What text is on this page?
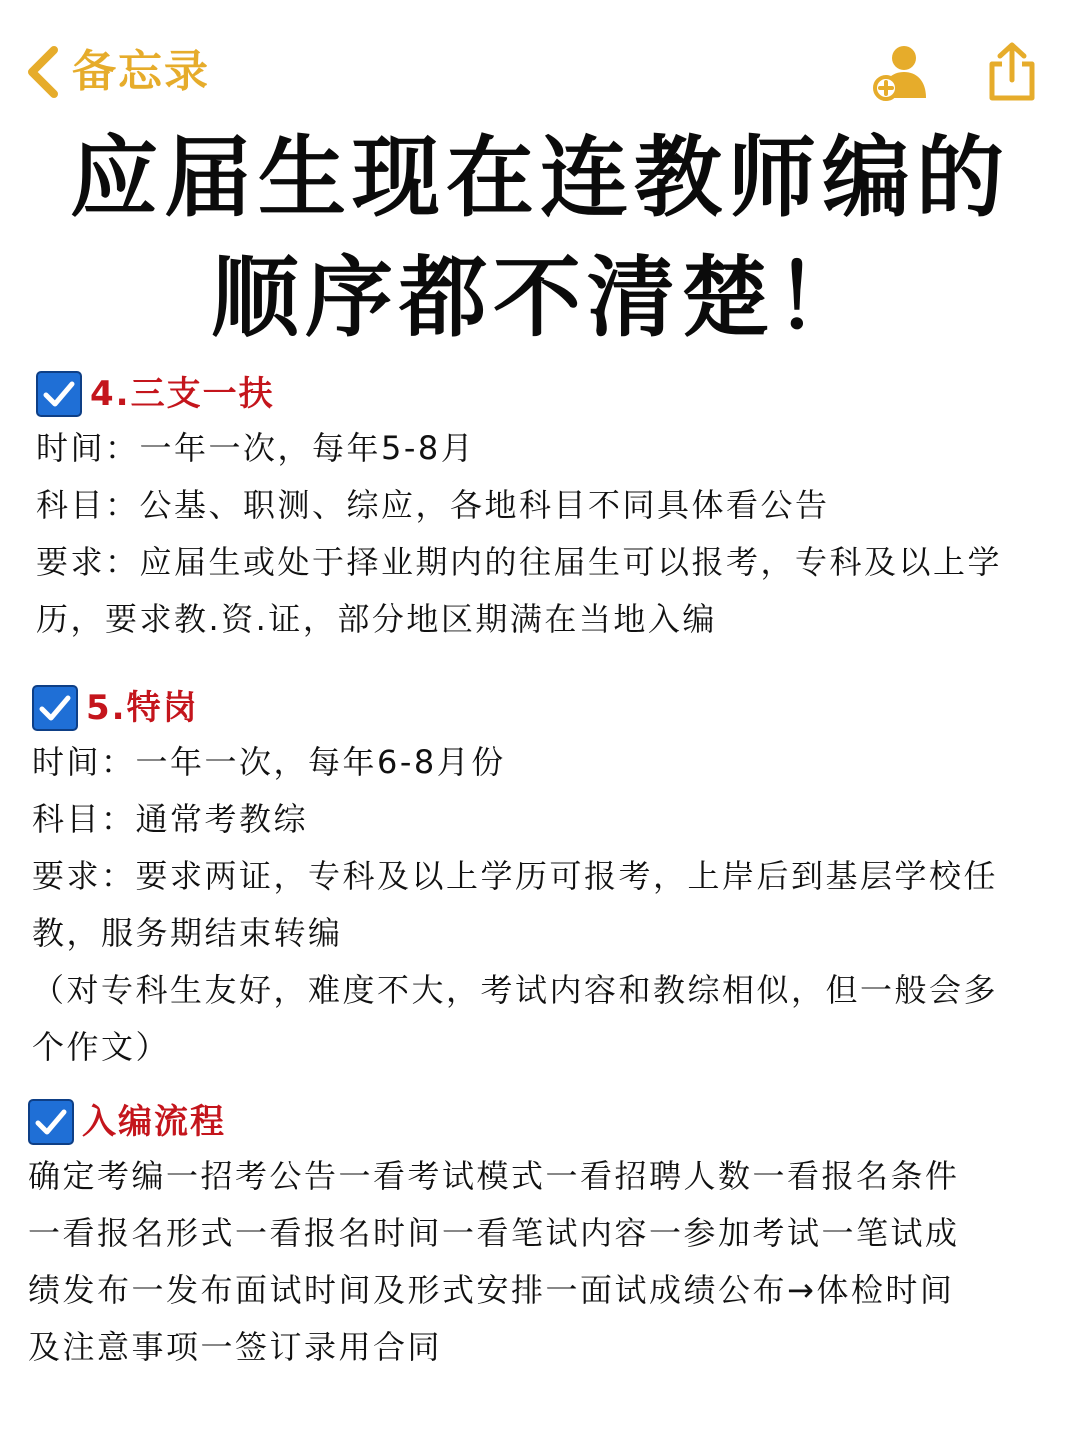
备忘录
应届生现在连教师编的
顺序都不清楚！
4.三支一扶
时间：一年一次，每年5-8月
科目：公基、职测、综应，各地科目不同具体看公告
要求：应届生或处于择业期内的往届生可以报考，专科及以上学
历，要求教.资.证，部分地区期满在当地入编
5.特岗
时间：一年一次，每年6-8月份
科目：通常考教综
要求：要求两证，专科及以上学历可报考，上岸后到基层学校任
教，服务期结束转编
（对专科生友好，难度不大，考试内容和教综相似，但一般会多
个作文）
入编流程
确定考编一招考公告一看考试模式一看招聘人数一看报名条件
一看报名形式一看报名时间一看笔试内容一参加考试一笔试成
绩发布一发布面试时间及形式安排一面试成绩公布→体检时间
及注意事项一签订录用合同
